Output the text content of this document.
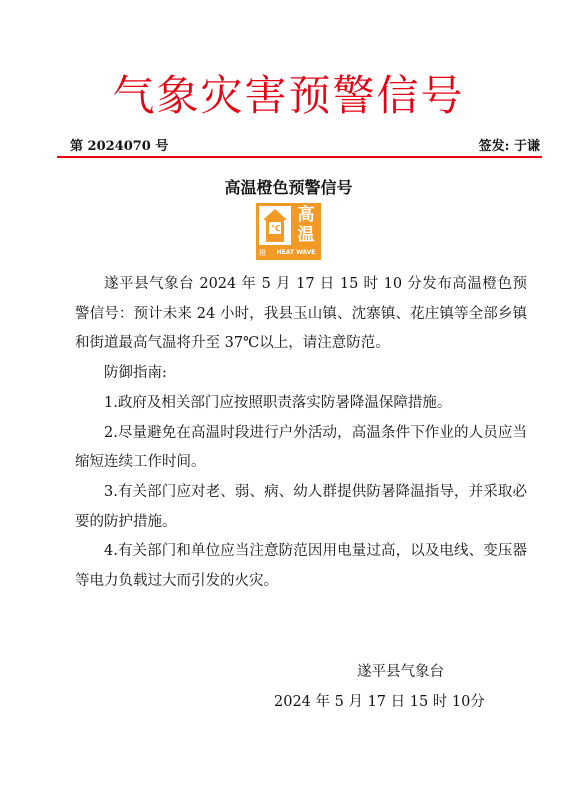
气象灾害预警信号
第 2024070 号	签发: 于谦
高温橙色预警信号
℃
高
温
橙	HEAT WAVE

遂平县气象台 2024 年 5 月 17 日 15 时 10 分发布高温橙色预警信号：预计未来 24 小时，我县玉山镇、沈寨镇、花庄镇等全部乡镇和街道最高气温将升至 37℃以上，请注意防范。

防御指南:

1.政府及相关部门应按照职责落实防暑降温保障措施。

2.尽量避免在高温时段进行户外活动，高温条件下作业的人员应当缩短连续工作时间。

3.有关部门应对老、弱、病、幼人群提供防暑降温指导，并采取必要的防护措施。

4.有关部门和单位应当注意防范因用电量过高，以及电线、变压器等电力负载过大而引发的火灾。

遂平县气象台
2024 年 5 月 17 日 15 时 10分
